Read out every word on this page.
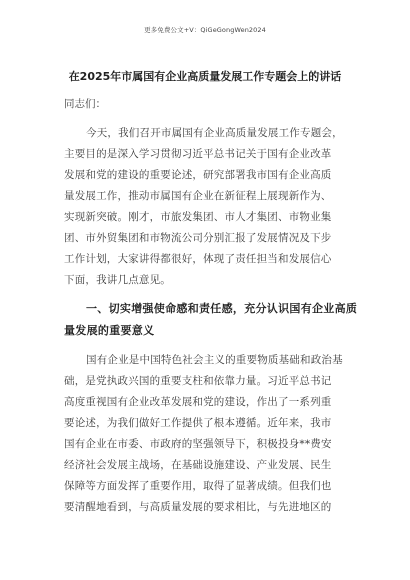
更多免费公文+V：QiGeGongWen2024
在2025年市属国有企业高质量发展工作专题会上的讲话
同志们：
今天，我们召开市属国有企业高质量发展工作专题会，
主要目的是深入学习贯彻习近平总书记关于国有企业改革
发展和党的建设的重要论述，研究部署我市国有企业高质
量发展工作，推动市属国有企业在新征程上展现新作为、
实现新突破。刚才，市旅发集团、市人才集团、市物业集
团、市外贸集团和市物流公司分别汇报了发展情况及下步
工作计划，大家讲得都很好，体现了责任担当和发展信心
下面，我讲几点意见。
一、切实增强使命感和责任感，充分认识国有企业高质
量发展的重要意义
国有企业是中国特色社会主义的重要物质基础和政治基
础，是党执政兴国的重要支柱和依靠力量。习近平总书记
高度重视国有企业改革发展和党的建设，作出了一系列重
要论述，为我们做好工作提供了根本遵循。近年来，我市
国有企业在市委、市政府的坚强领导下，积极投身**费安
经济社会发展主战场，在基础设施建设、产业发展、民生
保障等方面发挥了重要作用，取得了显著成绩。但我们也
要清醒地看到，与高质量发展的要求相比，与先进地区的
